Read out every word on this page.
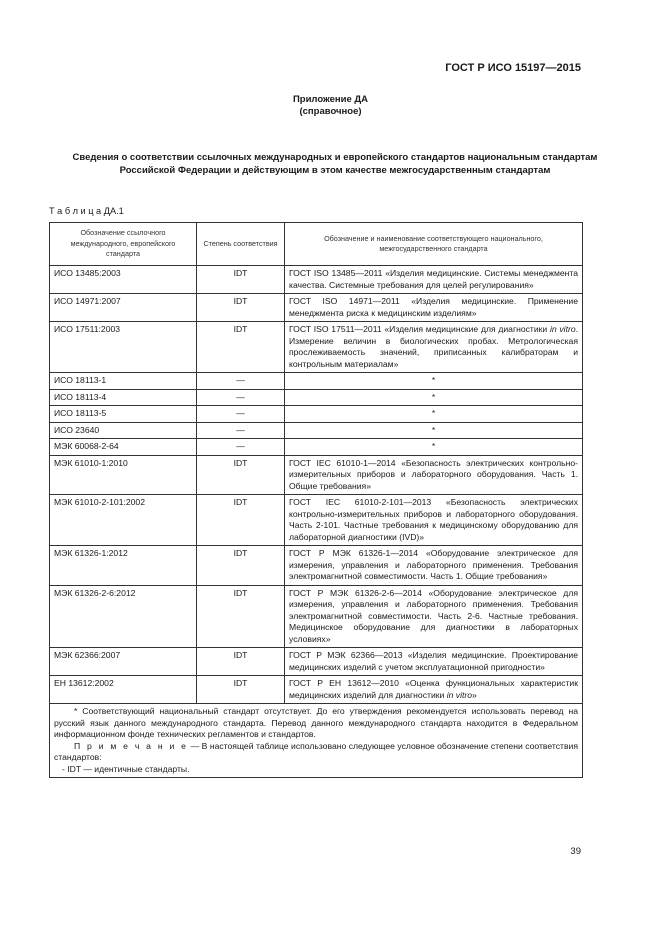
ГОСТ Р ИСО 15197—2015

Приложение ДА
(справочное)

Сведения о соответствии ссылочных международных и европейского стандартов национальным стандартам Российской Федерации и действующим в этом качестве межгосударственным стандартам

Т а б л и ц а ДА.1

Обозначение ссылочного международного, европейского стандарта	Степень соответствия	Обозначение и наименование соответствующего национального, межгосударственного стандарта
ИСО 13485:2003	IDT	ГОСТ ISO 13485—2011 «Изделия медицинские. Системы менеджмента качества. Системные требования для целей регулирования»
ИСО 14971:2007	IDT	ГОСТ ISO 14971—2011 «Изделия медицинские. Применение менеджмента риска к медицинским изделиям»
ИСО 17511:2003	IDT	ГОСТ ISO 17511—2011 «Изделия медицинские для диагностики in vitro. Измерение величин в биологических пробах. Метрологическая прослеживаемость значений, приписанных калибраторам и контрольным материалам»
ИСО 18113-1	—	*
ИСО 18113-4	—	*
ИСО 18113-5	—	*
ИСО 23640	—	*
МЭК 60068-2-64	—	*
МЭК 61010-1:2010	IDT	ГОСТ IEC 61010-1—2014 «Безопасность электрических контрольно-измерительных приборов и лабораторного оборудования. Часть 1. Общие требования»
МЭК 61010-2-101:2002	IDT	ГОСТ IEC 61010-2-101—2013 «Безопасность электрических контрольно-измерительных приборов и лабораторного оборудования. Часть 2-101. Частные требования к медицинскому оборудованию для лабораторной диагностики (IVD)»
МЭК 61326-1:2012	IDT	ГОСТ Р МЭК 61326-1—2014 «Оборудование электрическое для измерения, управления и лабораторного применения. Требования электромагнитной совместимости. Часть 1. Общие требования»
МЭК 61326-2-6:2012	IDT	ГОСТ Р МЭК 61326-2-6—2014 «Оборудование электрическое для измерения, управления и лабораторного применения. Требования электромагнитной совместимости. Часть 2-6. Частные требования. Медицинское оборудование для диагностики в лабораторных условиях»
МЭК 62366:2007	IDT	ГОСТ Р МЭК 62366—2013 «Изделия медицинские. Проектирование медицинских изделий с учетом эксплуатационной пригодности»
ЕН 13612:2002	IDT	ГОСТ Р ЕН 13612—2010 «Оценка функциональных характеристик медицинских изделий для диагностики in vitro»

* Соответствующий национальный стандарт отсутствует. До его утверждения рекомендуется использовать перевод на русский язык данного международного стандарта. Перевод данного международного стандарта находится в Федеральном информационном фонде технических регламентов и стандартов.

П р и м е ч а н и е — В настоящей таблице использовано следующее условное обозначение степени соответствия стандартов:

- IDT — идентичные стандарты.		

39
